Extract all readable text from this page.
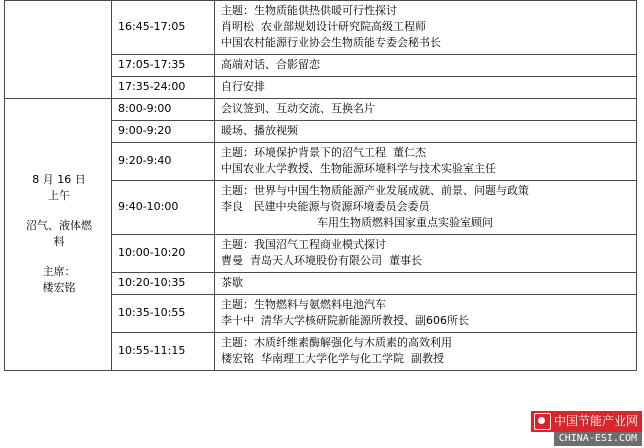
	16:45-17:05	主题：生物质能供热供暖可行性探讨
肖明松  农业部规划设计研究院高级工程师
中国农村能源行业协会生物质能专委会秘书长

	17:05-17:35	高端对话、合影留恋

	17:35-24:00	自行安排

8 月 16 日
上午
沼气、液体燃
料
主席：
楼宏铭
	8:00-9:00	会议签到、互动交流、互换名片

	9:00-9:20	暖场、播放视频

	9:20-9:40	主题：环境保护背景下的沼气工程  董仁杰
中国农业大学教授、生物能源环境科学与技术实验室主任

	9:40-10:00	主题：世界与中国生物质能源产业发展成就、前景、问题与政策
李良   民建中央能源与资源环境委员会委员
车用生物质燃料国家重点实验室顾问

	10:00-10:20	主题：我国沼气工程商业模式探讨
曹曼  青岛天人环境股份有限公司  董事长

	10:20-10:35	茶歇

	10:35-10:55	主题：生物燃料与氨燃料电池汽车
李十中  清华大学核研院新能源所教授、副606所长

	10:55-11:15	主题：木质纤维素酶解强化与木质素的高效利用
楼宏铭  华南理工大学化学与化工学院  副教授
中国节能产业网
CHINA-ESI.COM
